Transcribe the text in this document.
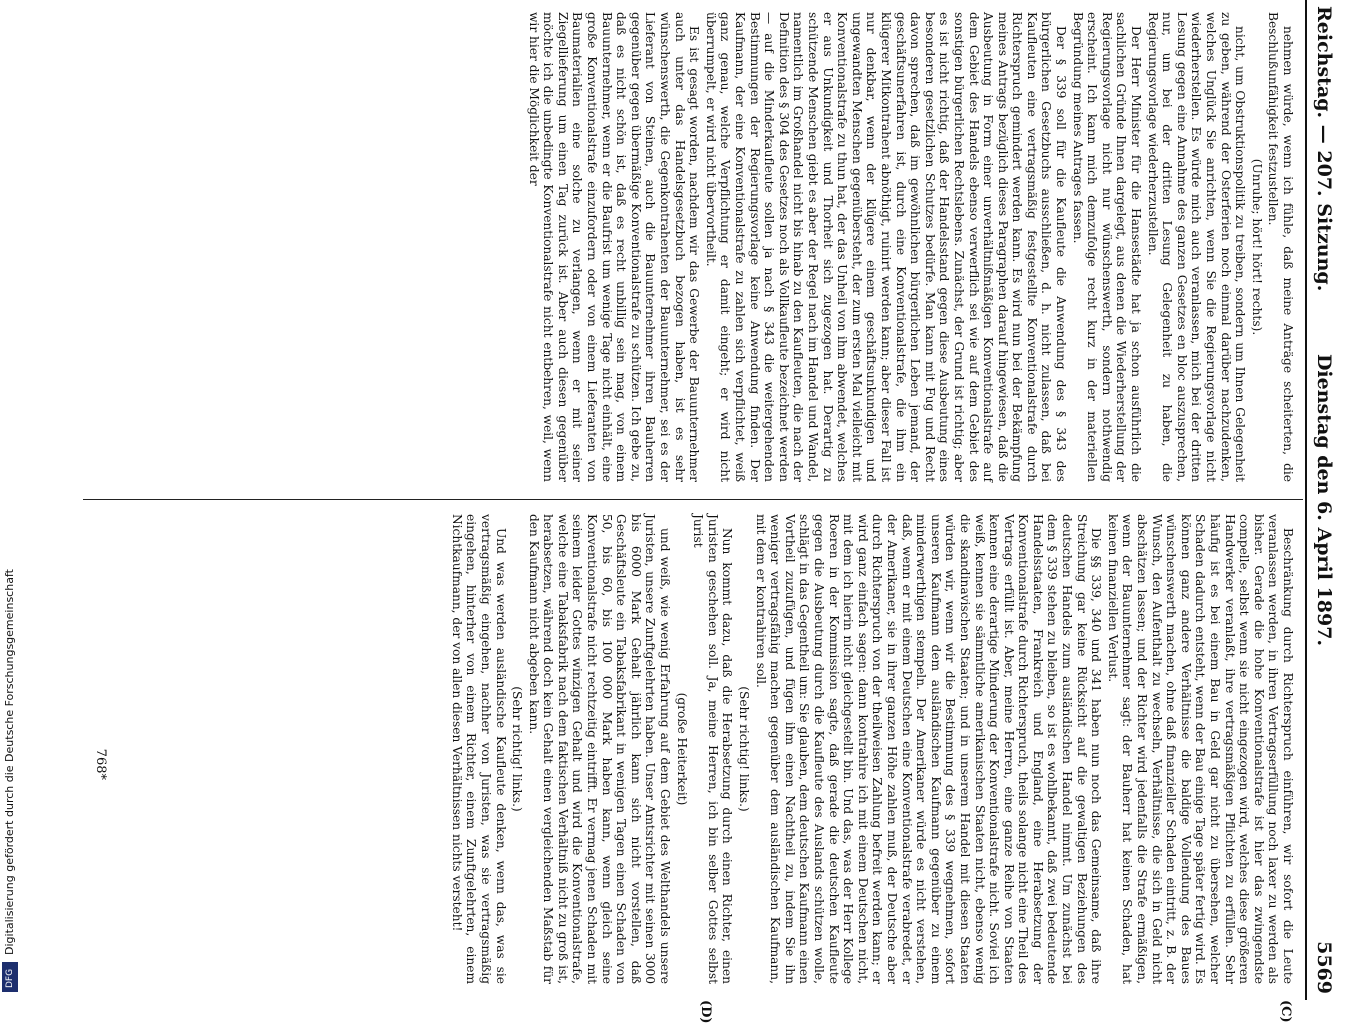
Digitalisierung gefördert durch die Deutsche Forschungsgemeinschaft
DFG
Reichstag. — 207. Sitzung.
Dienstag den 6. April 1897.
5569
(C)
(D)

nehmen würde, wenn ich fühle, daß meine Anträge scheiterten, die Beschlußunfähigkeit festzustellen.

(Unruhe; hört! hört! rechts).

nicht, um Obstruktionspolitik zu treiben, sondern um Ihnen Gelegenheit zu geben, während der Osterferien noch einmal darüber nachzudenken, welches Unglück Sie anrichten, wenn Sie die Regierungsvorlage nicht wiederherstellen. Es würde mich auch veranlassen, mich bei der dritten Lesung gegen eine Annahme des ganzen Gesetzes en bloc auszusprechen, nur, um bei der dritten Lesung Gelegenheit zu haben, die Regierungsvorlage wiederherzustellen.

Der Herr Minister für die Hansestädte hat ja schon ausführlich die sachlichen Gründe Ihnen dargelegt, aus denen die Wiederherstellung der Regierungsvorlage nicht nur wünschenswerth, sondern nothwendig erscheint. Ich kann mich demzufolge recht kurz in der materiellen Begründung meines Antrages fassen.

Der § 339 soll für die Kaufleute die Anwendung des § 343 des bürgerlichen Gesetzbuchs ausschließen, d. h. nicht zulassen, daß bei Kaufleuten eine vertragsmäßig festgestellte Konventionalstrafe durch Richterspruch gemindert werden kann. Es wird nun bei der Bekämpfung meines Antrags bezüglich dieses Paragraphen darauf hingewiesen, daß die Ausbeutung in Form einer unverhältnißmäßigen Konventionalstrafe auf dem Gebiet des Handels ebenso verwerflich sei wie auf dem Gebiet des sonstigen bürgerlichen Rechtslebens. Zunächst, der Grund ist richtig; aber es ist nicht richtig, daß der Handelsstand gegen diese Ausbeutung eines besonderen gesetzlichen Schutzes bedürfe. Man kann mit Fug und Recht davon sprechen, daß im gewöhnlichen bürgerlichen Leben jemand, der geschäftsunerfahren ist, durch eine Konventionalstrafe, die ihm ein klügerer Mitkontrahent abnöthigt, ruinirt werden kann; aber dieser Fall ist nur denkbar, wenn der klügere einem geschäftsunkundigen und ungewandten Menschen gegenübersteht, der zum ersten Mal vielleicht mit Konventionalstrafe zu thun hat, der das Unheil von ihm abwendet, welches er aus Unkundigkeit und Thorheit sich zugezogen hat. Derartig zu schützende Menschen giebt es aber der Regel nach im Handel und Wandel, namentlich im Großhandel nicht bis hinab zu den Kaufleuten, die nach der Definition des § 304 des Gesetzes noch als Vollkaufleute bezeichnet werden — auf die Minderkaufleute sollen ja nach § 343 die weitergehenden Bestimmungen der Regierungsvorlage keine Anwendung finden. Der Kaufmann, der eine Konventionalstrafe zu zahlen sich verpflichtet, weiß ganz genau, welche Verpflichtung er damit eingeht; er wird nicht überrumpelt, er wird nicht übervortheilt.

Es ist gesagt worden, nachdem wir das Gewerbe der Bauunternehmer auch unter das Handelsgesetzbuch bezogen haben, ist es sehr wünschenswerth, die Gegenkontrahenten der Bauunternehmer, sei es der Lieferant von Steinen, auch die Bauunternehmer ihren Bauherren gegenüber gegen übermäßige Konventionalstrafe zu schützen. Ich gebe zu, daß es nicht schön ist, daß es recht unbillig sein mag, von einem Bauunternehmer, wenn er die Baufrist um wenige Tage nicht einhält, eine große Konventionalstrafe einzufordern oder von einem Lieferanten von Baumaterialien eine solche zu verlangen, wenn er mit seiner Ziegellieferung um einen Tag zurück ist. Aber auch diesen gegenüber möchte ich die unbedingte Konventionalstrafe nicht entbehren, weil, wenn wir hier die Möglichkeit der

Beschränkung durch Richterspruch einführen, wir sofort die Leute veranlassen werden, in ihren Vertragserfüllung noch laxer zu werden als bisher. Gerade die hohe Konventionalstrafe ist hier das zwingendste compelle, selbst wenn sie nicht eingezogen wird, welches diese größeren Handwerker veranlaßt, ihre vertragsmäßigen Pflichten zu erfüllen. Sehr häufig ist es bei einem Bau in Geld gar nicht zu übersehen, welcher Schaden dadurch entsteht, wenn der Bau einige Tage später fertig wird. Es können ganz andere Verhältnisse die baldige Vollendung des Baues wünschenswerth machen, ohne daß finanzieller Schaden eintritt, z. B. der Wunsch, den Aufenthalt zu wechseln, Verhältnisse, die sich in Geld nicht abschätzen lassen; und der Richter wird jedenfalls die Strafe ermäßigen, wenn der Bauunternehmer sagt: der Bauherr hat keinen Schaden, hat keinen finanziellen Verlust.

Die §§ 339, 340 und 341 haben nun noch das Gemeinsame, daß ihre Streichung gar keine Rücksicht auf die gewaltigen Beziehungen des deutschen Handels zum ausländischen Handel nimmt. Um zunächst bei dem § 339 stehen zu bleiben, so ist es wohlbekannt, daß zwei bedeutende Handelsstaaten, Frankreich und England, eine Herabsetzung der Konventionalstrafe durch Richterspruch, theils solange nicht eine Theil des Vertrags erfüllt ist. Aber, meine Herren, eine ganze Reihe von Staaten kennen eine derartige Minderung der Konventionalstrafe nicht. Soviel ich weiß, kennen sie sämmtliche amerikanischen Staaten nicht, ebenso wenig die skandinavischen Staaten; und in unserem Handel mit diesen Staaten würden wir, wenn wir die Bestimmung des § 339 wegnehmen, sofort unseren Kaufmann dem ausländischen Kaufmann gegenüber zu einem minderwerthigen stempeln. Der Amerikaner würde es nicht verstehen, daß, wenn er mit einem Deutschen eine Konventionalstrafe verabredet, er der Amerikaner, sie in ihrer ganzen Höhe zahlen muß, der Deutsche aber durch Richterspruch von der theilweisen Zahlung befreit werden kann; er wird ganz einfach sagen: dann kontrahire ich mit einem Deutschen nicht, mit dem ich hierin nicht gleichgestellt bin. Und das, was der Herr Kollege Roeren in der Kommission sagte, daß gerade die deutschen Kaufleute gegen die Ausbeutung durch die Kaufleute des Auslands schützen wolle, schlägt in das Gegentheil um: Sie glauben, dem deutschen Kaufmann einen Vortheil zuzufügen, und fügen ihm einen Nachtheil zu, indem Sie ihn weniger vertragsfähig machen gegenüber dem ausländischen Kaufmann, mit dem er kontrahiren soll.

(Sehr richtig! links.)

Nun kommt dazu, daß die Herabsetzung durch einen Richter, einen Juristen geschehen soll. Ja, meine Herren, ich bin selber Gottes selbst Jurist

(große Heiterkeit)

und weiß, wie wenig Erfahrung auf dem Gebiet des Welthandels unsere Juristen, unsere Zunftgelehrten haben. Unser Amtsrichter mit seinen 3000 bis 6000 Mark Gehalt jährlich kann sich nicht vorstellen, daß Geschäftsleute ein Tabaksfabrikant in wenigen Tagen einen Schaden von 50, bis 60, bis 100 000 Mark haben kann, wenn gleich seine Konventionalstrafe nicht rechtzeitig eintrifft. Er vermag jenen Schaden mit seinem leider Gottes winzigen Gehalt und wird die Konventionalstrafe, welche eine Tabaksfabrik nach dem faktischen Verhältniß nicht zu groß ist, herabsetzen, während doch kein Gehalt einen vergleichenden Maßstab für den Kaufmann nicht abgeben kann.

(Sehr richtig! links.)

Und was werden ausländische Kaufleute denken, wenn das, was sie vertragsmäßig eingehen, nachher von Juristen, was sie vertragsmäßig eingehen, hinterher von einem Richter, einem Zunftgelehrten, einem Nichtkaufmann, der von allen diesen Verhältnissen nichts versteht!

768*
